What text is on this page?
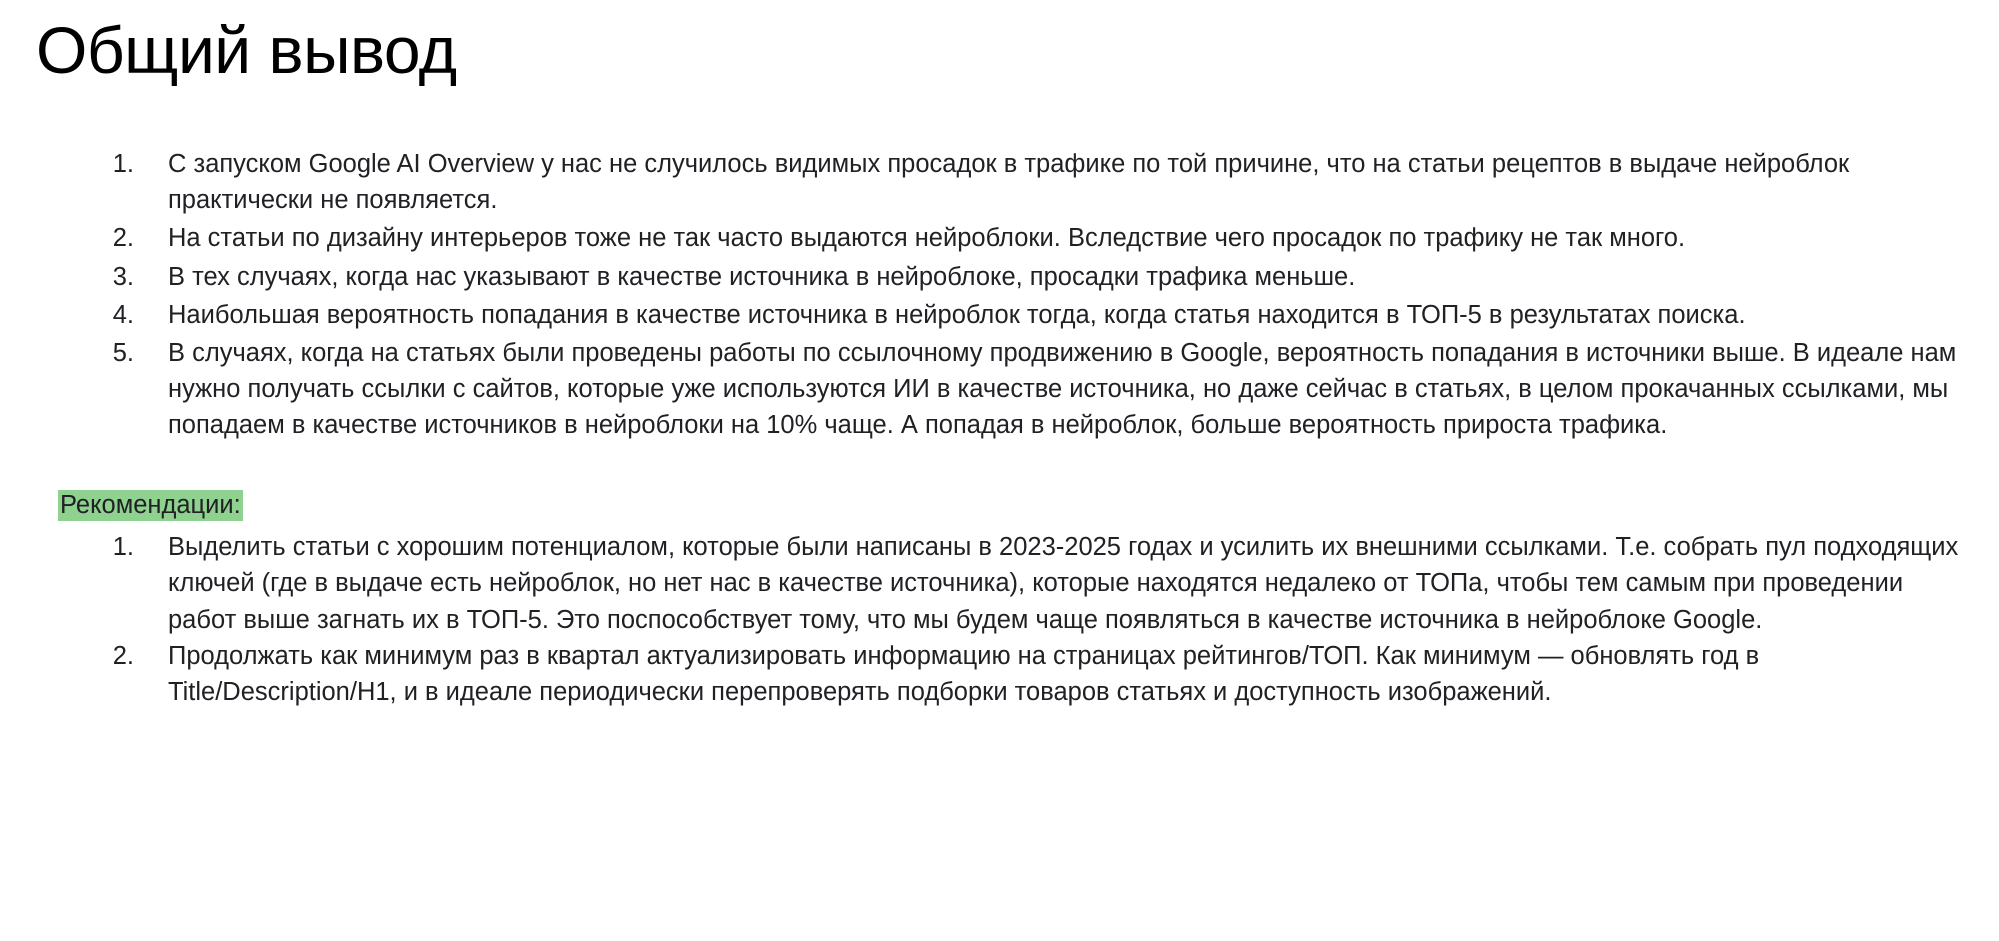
Общий вывод
С запуском Google AI Overview у нас не случилось видимых просадок в трафике по той причине, что на статьи рецептов в выдаче нейроблок практически не появляется.
На статьи по дизайну интерьеров тоже не так часто выдаются нейроблоки. Вследствие чего просадок по трафику не так много.
В тех случаях, когда нас указывают в качестве источника в нейроблоке, просадки трафика меньше.
Наибольшая вероятность попадания в качестве источника в нейроблок тогда, когда статья находится в ТОП-5 в результатах поиска.
В случаях, когда на статьях были проведены работы по ссылочному продвижению в Google, вероятность попадания в источники выше. В идеале нам нужно получать ссылки с сайтов, которые уже используются ИИ в качестве источника, но даже сейчас в статьях, в целом прокачанных ссылками, мы попадаем в качестве источников в нейроблоки на 10% чаще. А попадая в нейроблок, больше вероятность прироста трафика.
Рекомендации:
Выделить статьи с хорошим потенциалом, которые были написаны в 2023-2025 годах и усилить их внешними ссылками. Т.е. собрать пул подходящих ключей (где в выдаче есть нейроблок, но нет нас в качестве источника), которые находятся недалеко от ТОПа, чтобы тем самым при проведении работ выше загнать их в ТОП-5. Это поспособствует тому, что мы будем чаще появляться в качестве источника в нейроблоке Google.
Продолжать как минимум раз в квартал актуализировать информацию на страницах рейтингов/ТОП. Как минимум — обновлять год в Title/Description/H1, и в идеале периодически перепроверять подборки товаров статьях и доступность изображений.
